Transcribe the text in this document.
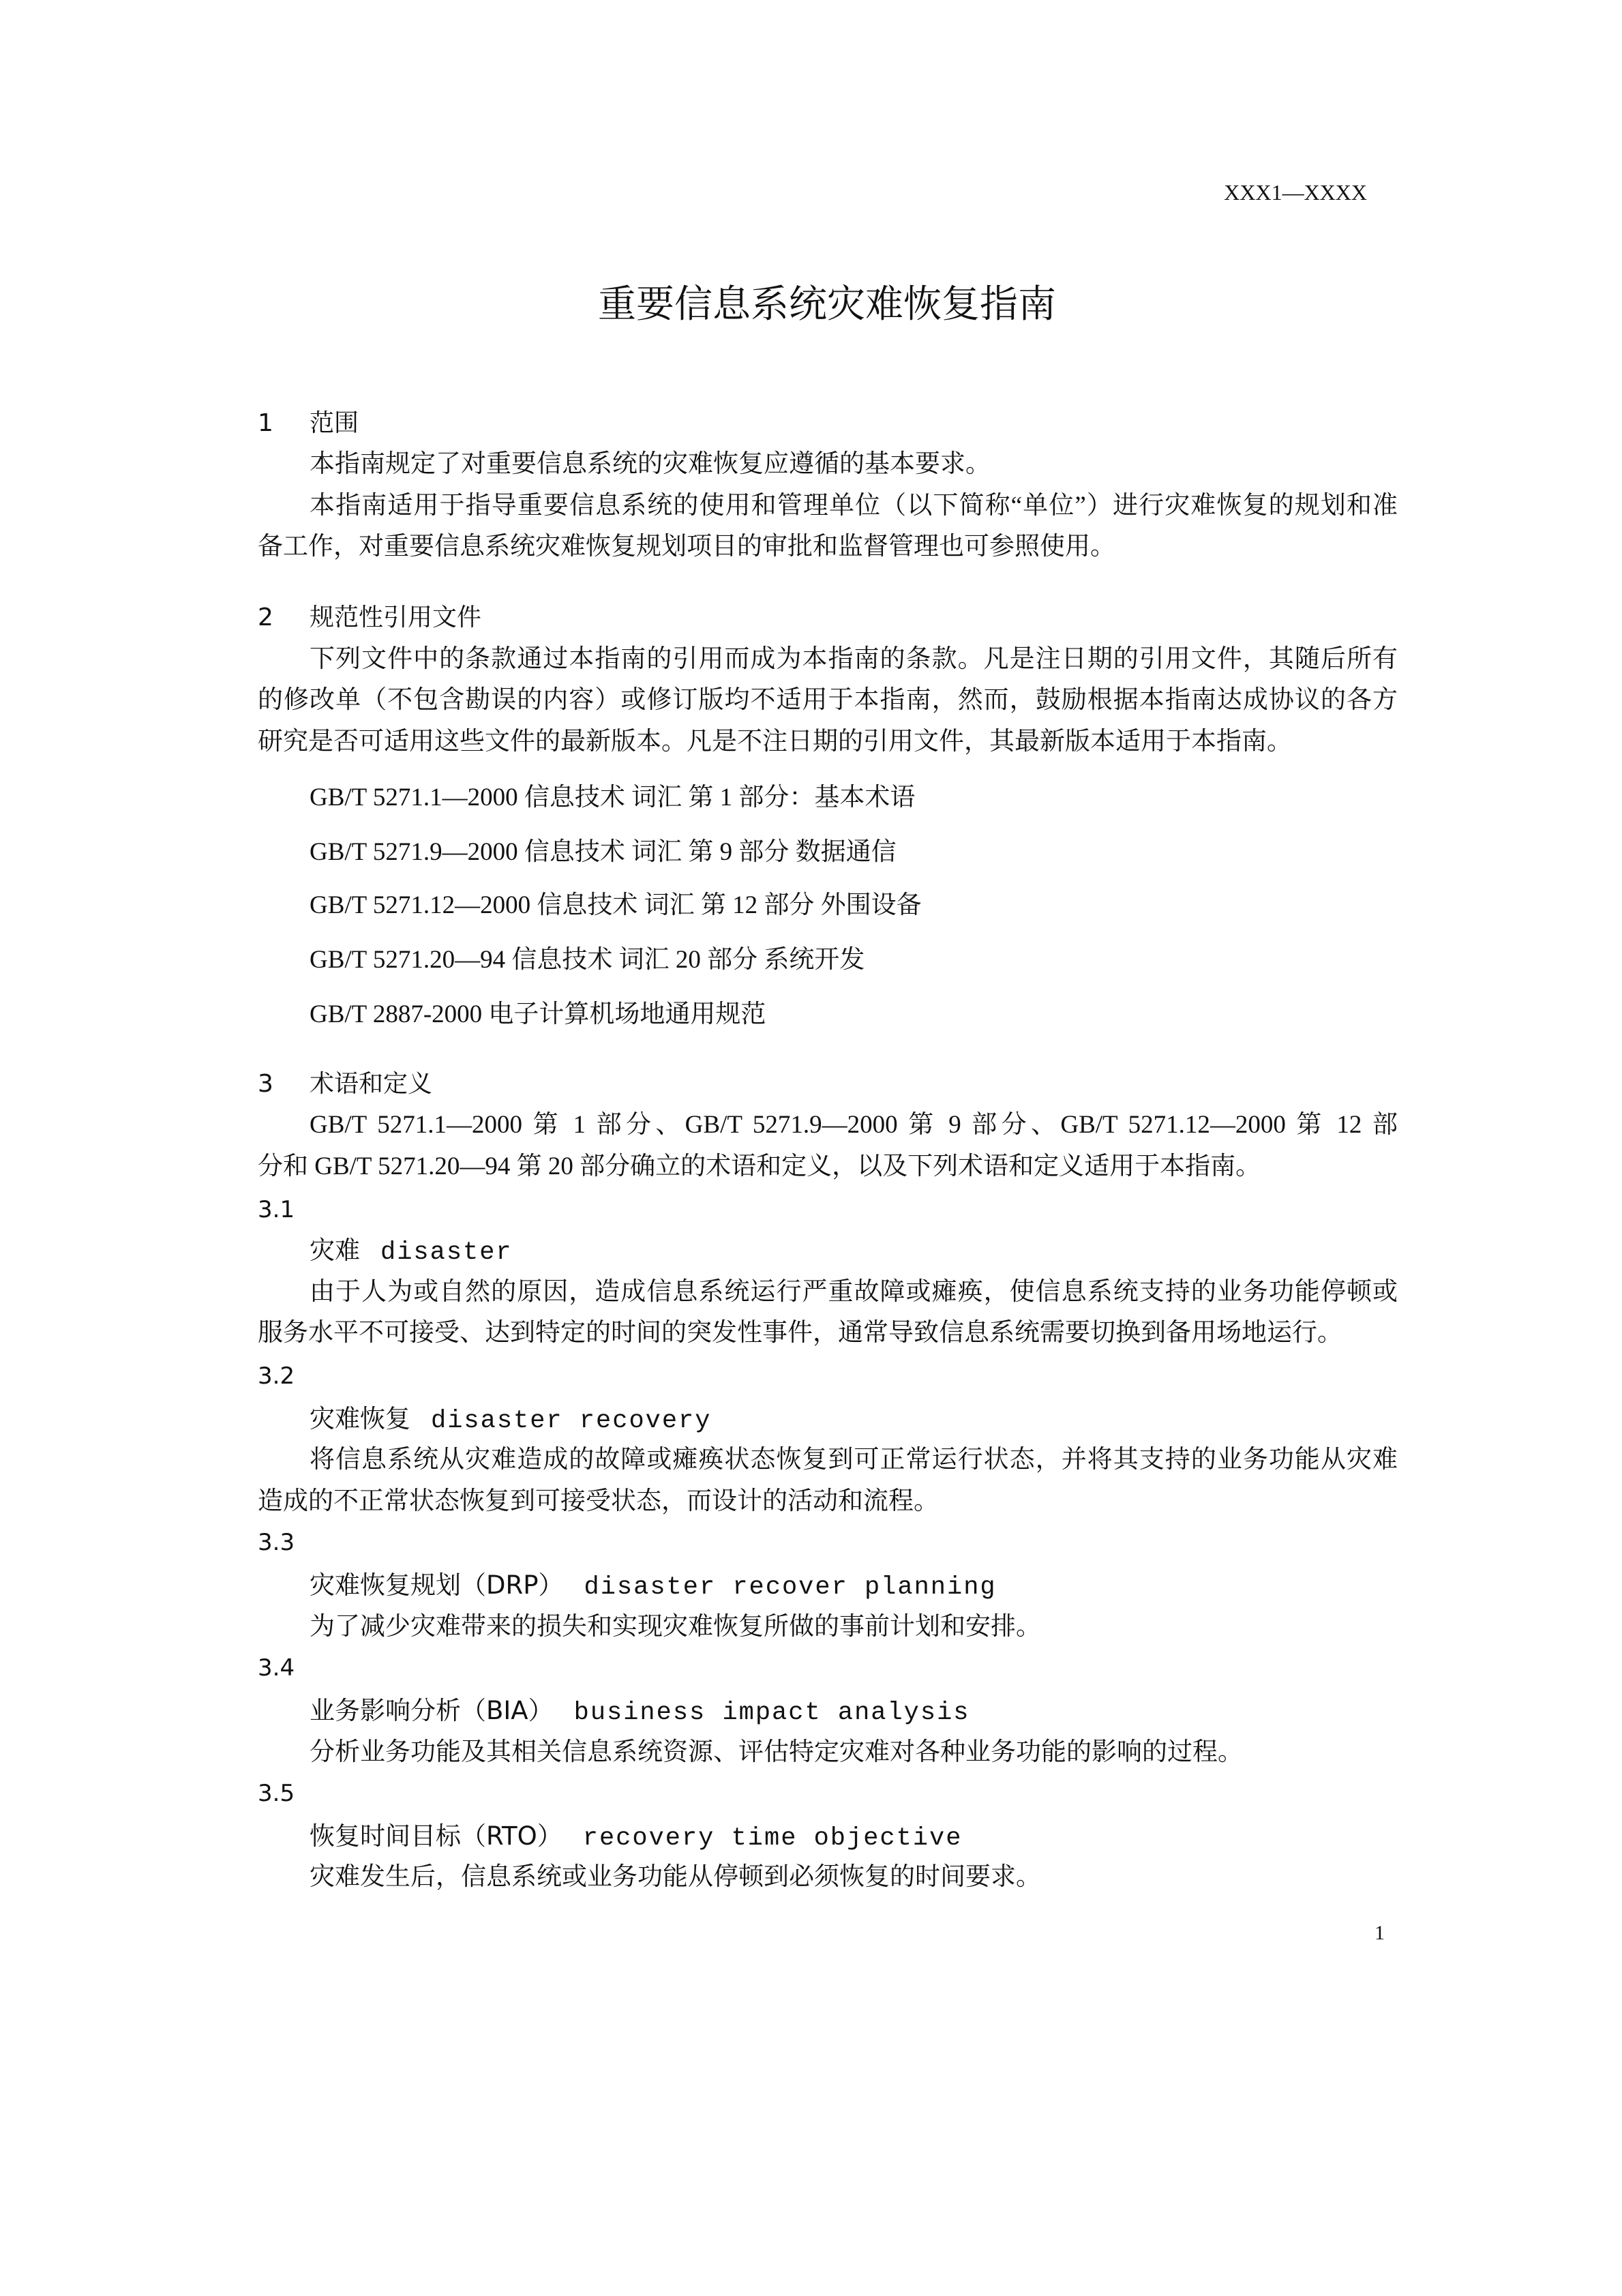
XXX1—XXXX
重要信息系统灾难恢复指南
1 范围
本指南规定了对重要信息系统的灾难恢复应遵循的基本要求。
本指南适用于指导重要信息系统的使用和管理单位（以下简称“单位”）进行灾难恢复的规划和准
备工作，对重要信息系统灾难恢复规划项目的审批和监督管理也可参照使用。
2 规范性引用文件
下列文件中的条款通过本指南的引用而成为本指南的条款。凡是注日期的引用文件，其随后所有
的修改单（不包含勘误的内容）或修订版均不适用于本指南，然而，鼓励根据本指南达成协议的各方
研究是否可适用这些文件的最新版本。凡是不注日期的引用文件，其最新版本适用于本指南。
GB/T 5271.1—2000 信息技术 词汇 第 1 部分：基本术语
GB/T 5271.9—2000 信息技术 词汇 第 9 部分 数据通信
GB/T 5271.12—2000 信息技术 词汇 第 12 部分 外围设备
GB/T 5271.20—94 信息技术 词汇 20 部分 系统开发
GB/T 2887-2000 电子计算机场地通用规范
3 术语和定义
GB/T 5271.1—2000 第 1 部分、GB/T 5271.9—2000 第 9 部分、GB/T 5271.12—2000 第 12 部
分和 GB/T 5271.20—94 第 20 部分确立的术语和定义，以及下列术语和定义适用于本指南。
3.1
灾难 disaster
由于人为或自然的原因，造成信息系统运行严重故障或瘫痪，使信息系统支持的业务功能停顿或
服务水平不可接受、达到特定的时间的突发性事件，通常导致信息系统需要切换到备用场地运行。
3.2
灾难恢复 disaster recovery
将信息系统从灾难造成的故障或瘫痪状态恢复到可正常运行状态，并将其支持的业务功能从灾难
造成的不正常状态恢复到可接受状态，而设计的活动和流程。
3.3
灾难恢复规划（DRP） disaster recover planning
为了减少灾难带来的损失和实现灾难恢复所做的事前计划和安排。
3.4
业务影响分析（BIA） business impact analysis
分析业务功能及其相关信息系统资源、评估特定灾难对各种业务功能的影响的过程。
3.5
恢复时间目标（RTO） recovery time objective
灾难发生后，信息系统或业务功能从停顿到必须恢复的时间要求。
1
